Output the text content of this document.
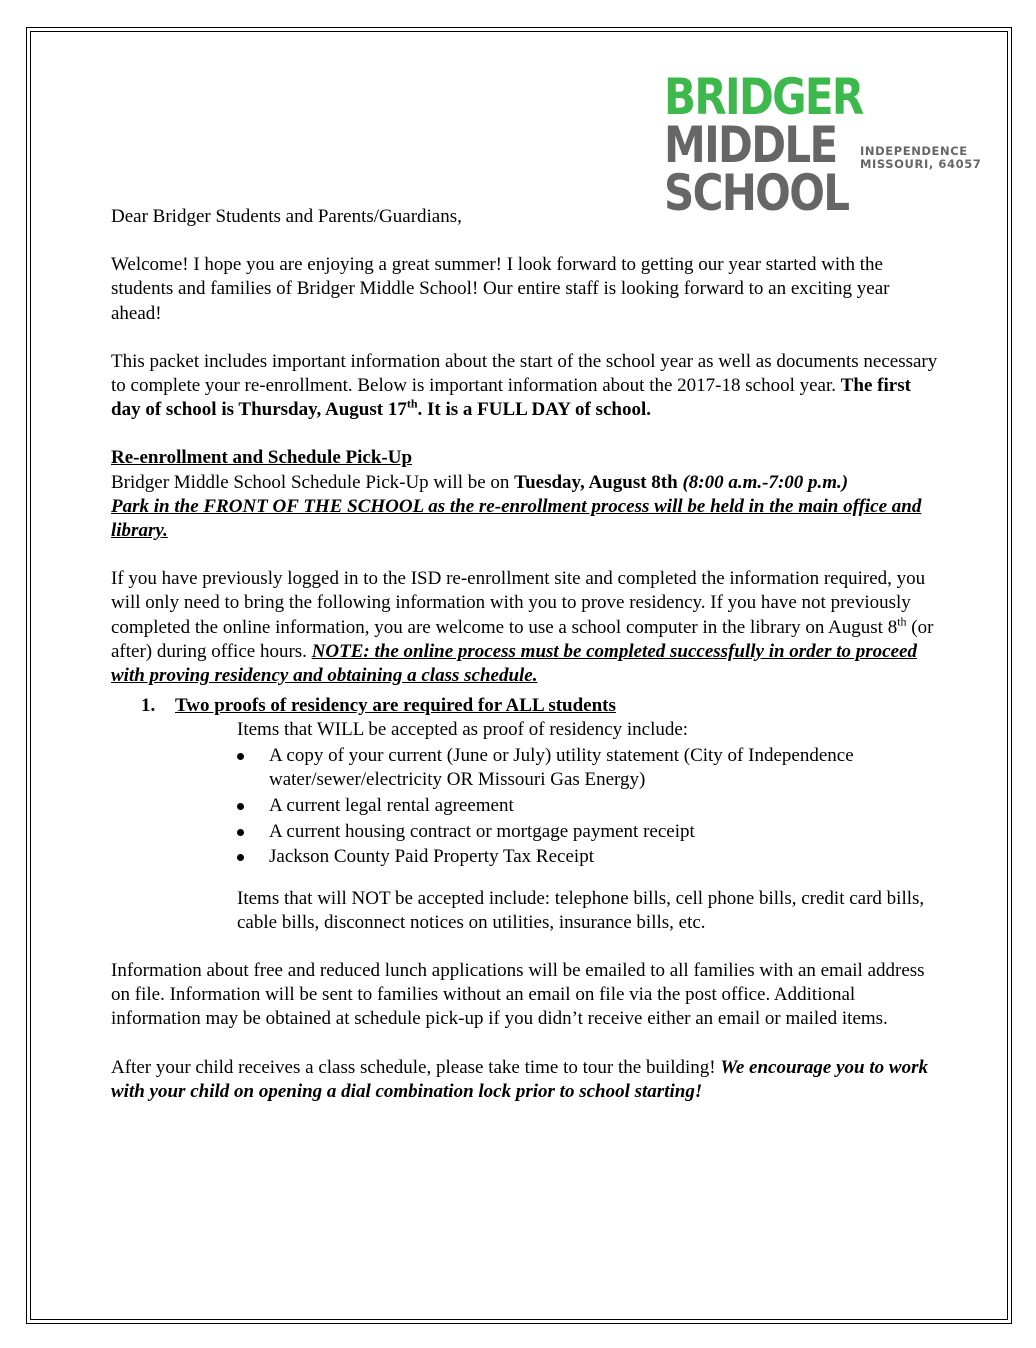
BRIDGER
MIDDLE
SCHOOL
INDEPENDENCE
MISSOURI, 64057

Dear Bridger Students and Parents/Guardians,

Welcome! I hope you are enjoying a great summer! I look forward to getting our year started with the students and families of Bridger Middle School! Our entire staff is looking forward to an exciting year ahead!

This packet includes important information about the start of the school year as well as documents necessary to complete your re-enrollment. Below is important information about the 2017-18 school year. The first day of school is Thursday, August 17th. It is a FULL DAY of school.

Re-enrollment and Schedule Pick-Up

Bridger Middle School Schedule Pick-Up will be on Tuesday, August 8th (8:00 a.m.-7:00 p.m.)
Park in the FRONT OF THE SCHOOL as the re-enrollment process will be held in the main office and library.

If you have previously logged in to the ISD re-enrollment site and completed the information required, you will only need to bring the following information with you to prove residency. If you have not previously completed the online information, you are welcome to use a school computer in the library on August 8th (or after) during office hours. NOTE: the online process must be completed successfully in order to proceed with proving residency and obtaining a class schedule.

1. Two proofs of residency are required for ALL students

Items that WILL be accepted as proof of residency include:

A copy of your current (June or July) utility statement (City of Independence water/sewer/electricity OR Missouri Gas Energy)
A current legal rental agreement
A current housing contract or mortgage payment receipt
Jackson County Paid Property Tax Receipt

Items that will NOT be accepted include: telephone bills, cell phone bills, credit card bills, cable bills, disconnect notices on utilities, insurance bills, etc.

Information about free and reduced lunch applications will be emailed to all families with an email address on file. Information will be sent to families without an email on file via the post office. Additional information may be obtained at schedule pick-up if you didn’t receive either an email or mailed items.

After your child receives a class schedule, please take time to tour the building! We encourage you to work with your child on opening a dial combination lock prior to school starting!
